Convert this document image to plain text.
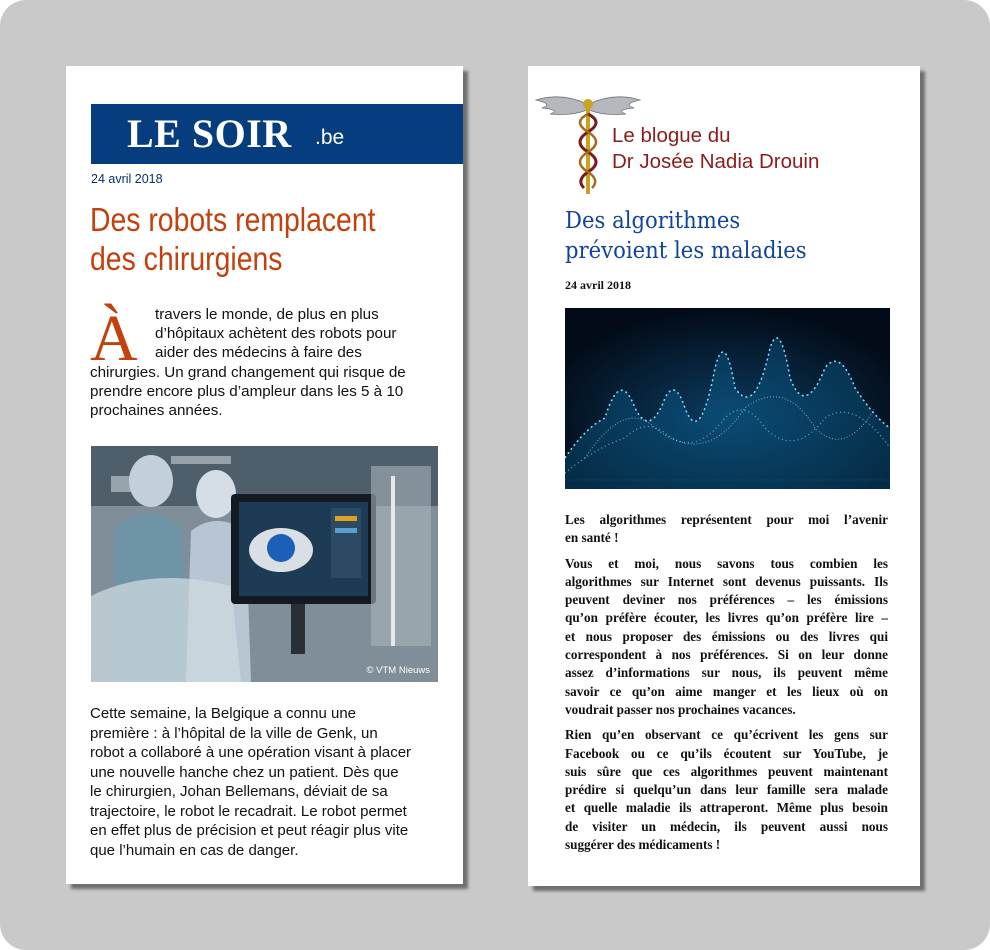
LE SOIR .be
24 avril 2018
Des robots remplacent
des chirurgiens
À	travers le monde, de plus en plus
d’hôpitaux achètent des robots pour
aider des médecins à faire des
chirurgies. Un grand changement qui risque de
prendre encore plus d’ampleur dans les 5 à 10
prochaines années.
© VTM Nieuws
Cette semaine, la Belgique a connu une
première : à l’hôpital de la ville de Genk, un
robot a collaboré à une opération visant à placer
une nouvelle hanche chez un patient. Dès que
le chirurgien, Johan Bellemans, déviait de sa
trajectoire, le robot le recadrait. Le robot permet
en effet plus de précision et peut réagir plus vite
que l’humain en cas de danger.
Le blogue du
Dr Josée Nadia Drouin
Des algorithmes
prévoient les maladies
24 avril 2018
Les algorithmes représentent pour moi l’avenir
en santé !
Vous et moi, nous savons tous combien les
algorithmes sur Internet sont devenus puissants. Ils
peuvent deviner nos préférences – les émissions
qu’on préfère écouter, les livres qu’on préfère lire –
et nous proposer des émissions ou des livres qui
correspondent à nos préférences. Si on leur donne
assez d’informations sur nous, ils peuvent même
savoir ce qu’on aime manger et les lieux où on
voudrait passer nos prochaines vacances.
Rien qu’en observant ce qu’écrivent les gens sur
Facebook ou ce qu’ils écoutent sur YouTube, je
suis sûre que ces algorithmes peuvent maintenant
prédire si quelqu’un dans leur famille sera malade
et quelle maladie ils attraperont. Même plus besoin
de visiter un médecin, ils peuvent aussi nous
suggérer des médicaments !
